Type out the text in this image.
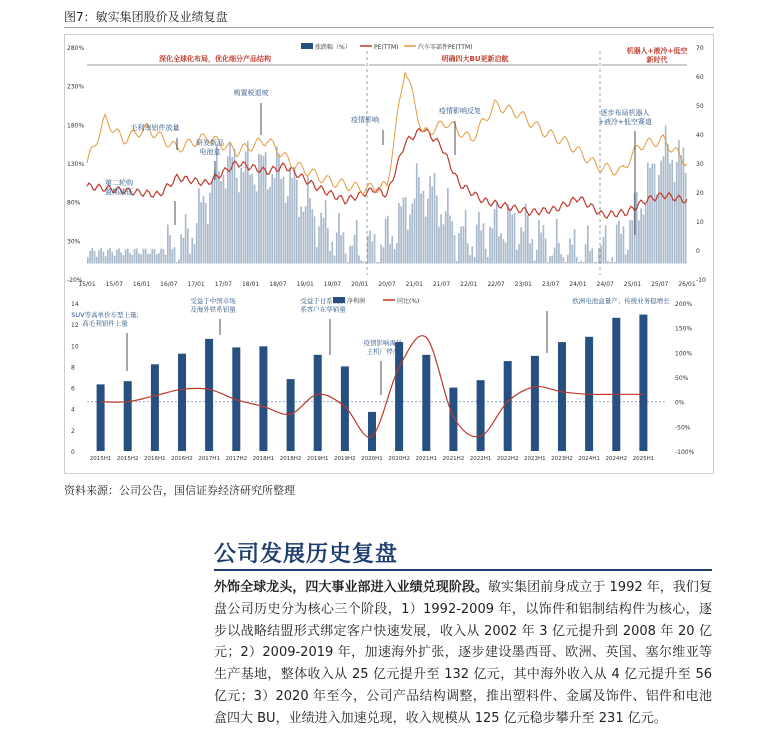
图7：敏实集团股价及业绩复盘
280%
230%
180%
130%
80%
30%
-20%
70
60
50
40
30
20
10
0
-10
15/01 15/07 16/01 16/07 17/01 17/07 18/01 18/07 19/01 19/07 20/01 20/07 21/01 21/07 22/01 22/07 23/01 23/07 24/01 24/07 25/01 25/07 26/01
涨跌幅（%）	PE(TTM)	汽车零部件PE(TTM)
深化全球化布局，优化细分产品结构	明确四大BU更新启航
机器人+液冷+低空
新时代
第二轮购
置期减征
毛利率铝件放量
研发新品
电池盒
购置税退坡
疫情影响
疫情影响反复	逐步布局机器人
+液冷+低空赛道
14
12
10
8
6
4
2
0
200%
150%
100%
50%
0%
-50%
-100%
2015H1 2015H2 2016H1 2016H2 2017H1 2017H2 2018H1 2018H2 2019H1 2019H2 2020H1 2020H2 2021H1 2021H2 2022H1 2022H2 2023H1 2023H2 2024H1 2024H2 2025H1
净利润	同比(%)
SUV等高单价车型上量;
高毛利铝件上量
受益于中国市场
及海外铁系铝量
受益于日系及欧
系客户在华销量
疫情影响海外
主机厂停产
欧洲电池盒量产；传统业务稳增长
资料来源：公司公告，国信证券经济研究所整理
公司发展历史复盘
外饰全球龙头，四大事业部进入业绩兑现阶段。敏实集团前身成立于 1992 年，我们复盘公司历史分为核心三个阶段，1）1992-2009 年，以饰件和铝制结构件为核心，逐步以战略结盟形式绑定客户快速发展，收入从 2002 年 3 亿元提升到 2008 年 20 亿元；2）2009-2019 年，加速海外扩张，逐步建设墨西哥、欧洲、英国、塞尔维亚等生产基地，整体收入从 25 亿元提升至 132 亿元，其中海外收入从 4 亿元提升至 56 亿元；3）2020 年至今，公司产品结构调整，推出塑料件、金属及饰件、铝件和电池盒四大 BU，业绩进入加速兑现，收入规模从 125 亿元稳步攀升至 231 亿元。
